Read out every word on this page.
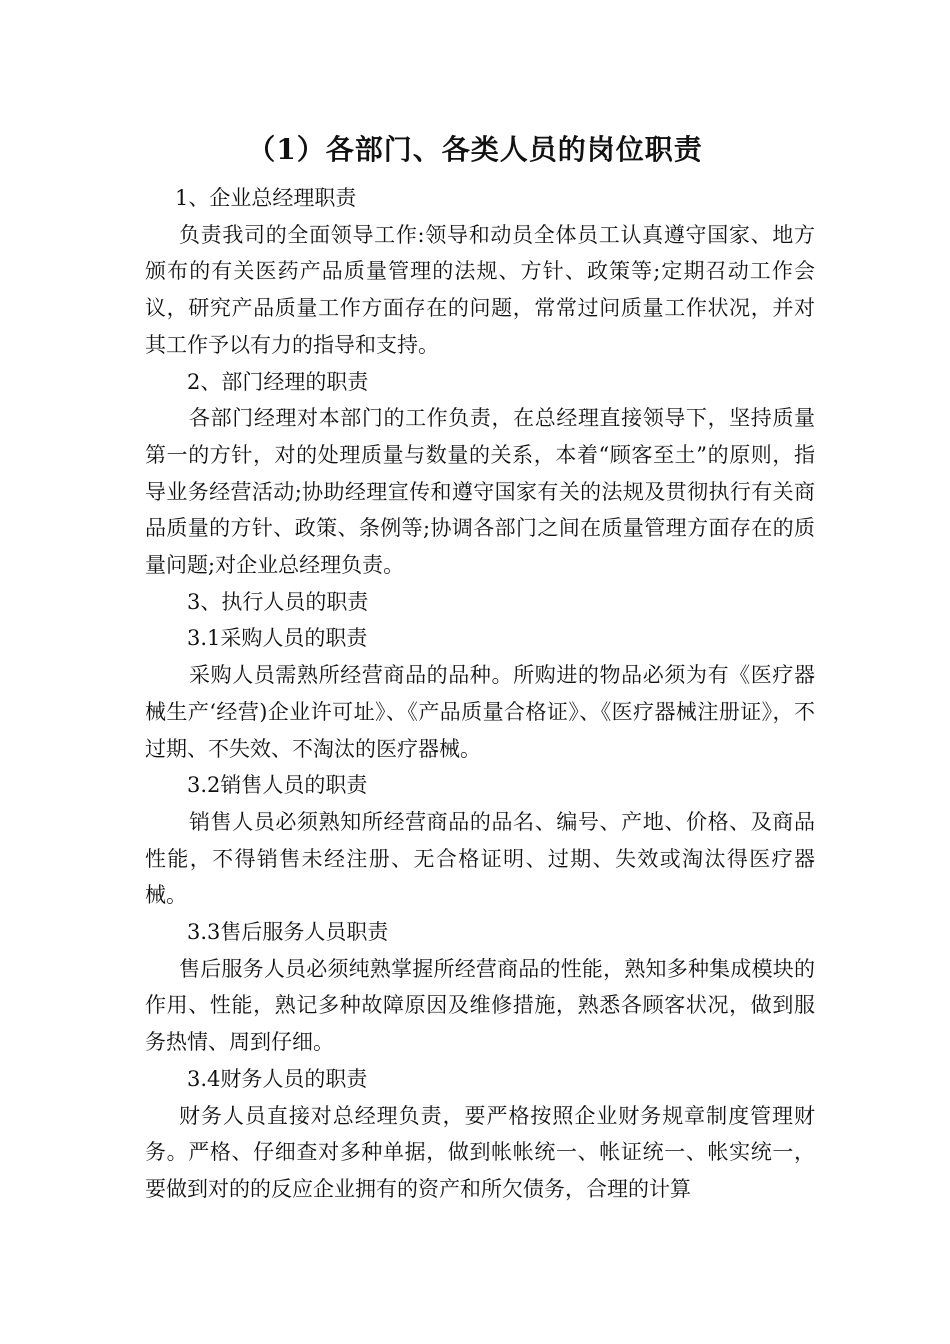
（1）各部门、各类人员的岗位职责

1、企业总经理职责

负责我司的全面领导工作:领导和动员全体员工认真遵守国家、地方颁布的有关医药产品质量管理的法规、方针、政策等;定期召动工作会议，研究产品质量工作方面存在的问题，常常过问质量工作状况，并对其工作予以有力的指导和支持。

2、部门经理的职责

各部门经理对本部门的工作负责，在总经理直接领导下，坚持质量第一的方针，对的处理质量与数量的关系，本着“顾客至土”的原则，指导业务经营活动;协助经理宣传和遵守国家有关的法规及贯彻执行有关商品质量的方针、政策、条例等;协调各部门之间在质量管理方面存在的质量问题;对企业总经理负责。

3、执行人员的职责

3.1采购人员的职责

采购人员需熟所经营商品的品种。所购进的物品必须为有《医疗器械生产‘经营)企业许可址》、《产品质量合格证》、《医疗器械注册证》，不过期、不失效、不淘汰的医疗器械。

3.2销售人员的职责

销售人员必须熟知所经营商品的品名、编号、产地、价格、及商品性能，不得销售未经注册、无合格证明、过期、失效或淘汰得医疗器械。

3.3售后服务人员职责

售后服务人员必须纯熟掌握所经营商品的性能，熟知多种集成模块的作用、性能，熟记多种故障原因及维修措施，熟悉各顾客状况，做到服务热情、周到仔细。

3.4财务人员的职责

财务人员直接对总经理负责，要严格按照企业财务规章制度管理财务。严格、仔细查对多种单据，做到帐帐统一、帐证统一、帐实统一，要做到对的的反应企业拥有的资产和所欠债务，合理的计算
